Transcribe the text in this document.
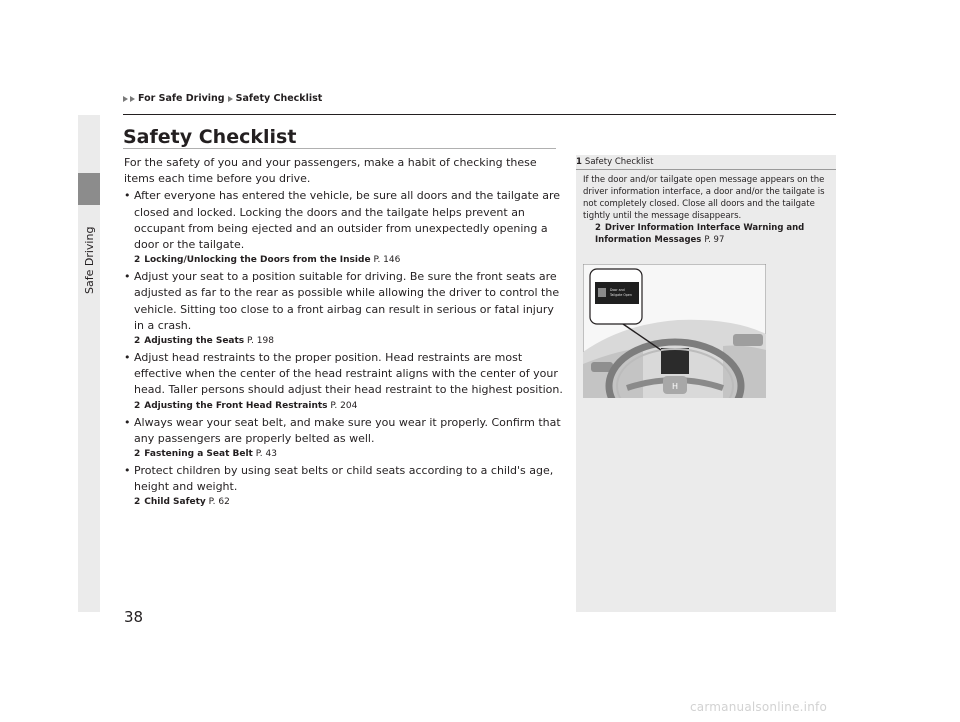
Safe Driving
For Safe Driving Safety Checklist
Safety Checklist

For the safety of you and your passengers, make a habit of checking these items each time before you drive.

• After everyone has entered the vehicle, be sure all doors and the tailgate are closed and locked. Locking the doors and the tailgate helps prevent an occupant from being ejected and an outsider from unexpectedly opening a door or the tailgate.
2 Locking/Unlocking the Doors from the Inside P. 146
• Adjust your seat to a position suitable for driving. Be sure the front seats are adjusted as far to the rear as possible while allowing the driver to control the vehicle. Sitting too close to a front airbag can result in serious or fatal injury in a crash.
2 Adjusting the Seats P. 198
• Adjust head restraints to the proper position. Head restraints are most effective when the center of the head restraint aligns with the center of your head. Taller persons should adjust their head restraint to the highest position.
2 Adjusting the Front Head Restraints P. 204
• Always wear your seat belt, and make sure you wear it properly. Confirm that any passengers are properly belted as well.
2 Fastening a Seat Belt P. 43
• Protect children by using seat belts or child seats according to a child's age, height and weight.
2 Child Safety P. 62
38
1 Safety Checklist

If the door and/or tailgate open message appears on the driver information interface, a door and/or the tailgate is not completely closed. Close all doors and the tailgate tightly until the message disappears.

2 Driver Information Interface Warning and Information Messages P. 97

H
Door and
Tailgate Open
carmanualsonline.info
